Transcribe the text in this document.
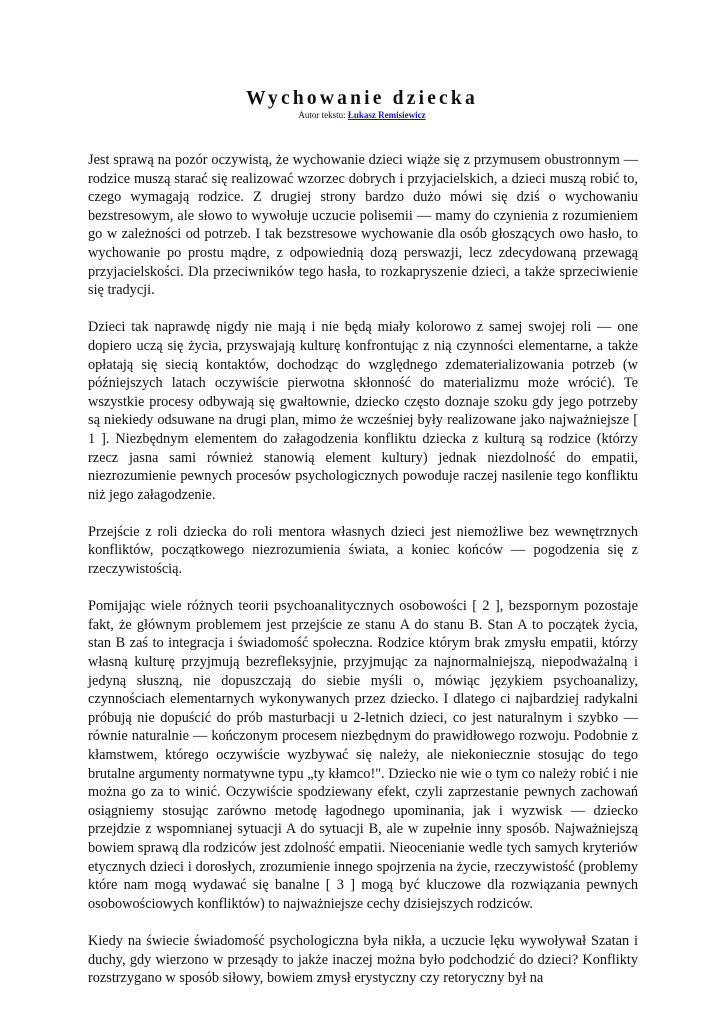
Wychowanie dziecka
Autor tekstu: Łukasz Remisiewicz

Jest sprawą na pozór oczywistą, że wychowanie dzieci wiąże się z przymusem obustronnym — rodzice muszą starać się realizować wzorzec dobrych i przyjacielskich, a dzieci muszą robić to, czego wymagają rodzice. Z drugiej strony bardzo dużo mówi się dziś o wychowaniu bezstresowym, ale słowo to wywołuje uczucie polisemii — mamy do czynienia z rozumieniem go w zależności od potrzeb. I tak bezstresowe wychowanie dla osób głoszących owo hasło, to wychowanie po prostu mądre, z odpowiednią dozą perswazji, lecz zdecydowaną przewagą przyjacielskości. Dla przeciwników tego hasła, to rozkapryszenie dzieci, a także sprzeciwienie się tradycji.

Dzieci tak naprawdę nigdy nie mają i nie będą miały kolorowo z samej swojej roli — one dopiero uczą się życia, przyswajają kulturę konfrontując z nią czynności elementarne, a także opłatają się siecią kontaktów, dochodząc do względnego zdematerializowania potrzeb (w późniejszych latach oczywiście pierwotna skłonność do materializmu może wrócić). Te wszystkie procesy odbywają się gwałtownie, dziecko często doznaje szoku gdy jego potrzeby są niekiedy odsuwane na drugi plan, mimo że wcześniej były realizowane jako najważniejsze [ 1 ]. Niezbędnym elementem do załagodzenia konfliktu dziecka z kulturą są rodzice (którzy rzecz jasna sami również stanowią element kultury) jednak niezdolność do empatii, niezrozumienie pewnych procesów psychologicznych powoduje raczej nasilenie tego konfliktu niż jego załagodzenie.

Przejście z roli dziecka do roli mentora własnych dzieci jest niemożliwe bez wewnętrznych konfliktów, początkowego niezrozumienia świata, a koniec końców — pogodzenia się z rzeczywistością.

Pomijając wiele różnych teorii psychoanalitycznych osobowości [ 2 ], bezspornym pozostaje fakt, że głównym problemem jest przejście ze stanu A do stanu B. Stan A to początek życia, stan B zaś to integracja i świadomość społeczna. Rodzice którym brak zmysłu empatii, którzy własną kulturę przyjmują bezrefleksyjnie, przyjmując za najnormalniejszą, niepodważalną i jedyną słuszną, nie dopuszczają do siebie myśli o, mówiąc językiem psychoanalizy, czynnościach elementarnych wykonywanych przez dziecko. I dlatego ci najbardziej radykalni próbują nie dopuścić do prób masturbacji u 2-letnich dzieci, co jest naturalnym i szybko — równie naturalnie — kończonym procesem niezbędnym do prawidłowego rozwoju. Podobnie z kłamstwem, którego oczywiście wyzbywać się należy, ale niekoniecznie stosując do tego brutalne argumenty normatywne typu „ty kłamco!". Dziecko nie wie o tym co należy robić i nie można go za to winić. Oczywiście spodziewany efekt, czyli zaprzestanie pewnych zachowań osiągniemy stosując zarówno metodę łagodnego upominania, jak i wyzwisk — dziecko przejdzie z wspomnianej sytuacji A do sytuacji B, ale w zupełnie inny sposób. Najważniejszą bowiem sprawą dla rodziców jest zdolność empatii. Nieocenianie wedle tych samych kryteriów etycznych dzieci i dorosłych, zrozumienie innego spojrzenia na życie, rzeczywistość (problemy które nam mogą wydawać się banalne [ 3 ] mogą być kluczowe dla rozwiązania pewnych osobowościowych konfliktów) to najważniejsze cechy dzisiejszych rodziców.

Kiedy na świecie świadomość psychologiczna była nikła, a uczucie lęku wywoływał Szatan i duchy, gdy wierzono w przesądy to jakże inaczej można było podchodzić do dzieci? Konflikty rozstrzygano w sposób siłowy, bowiem zmysł erystyczny czy retoryczny był na
